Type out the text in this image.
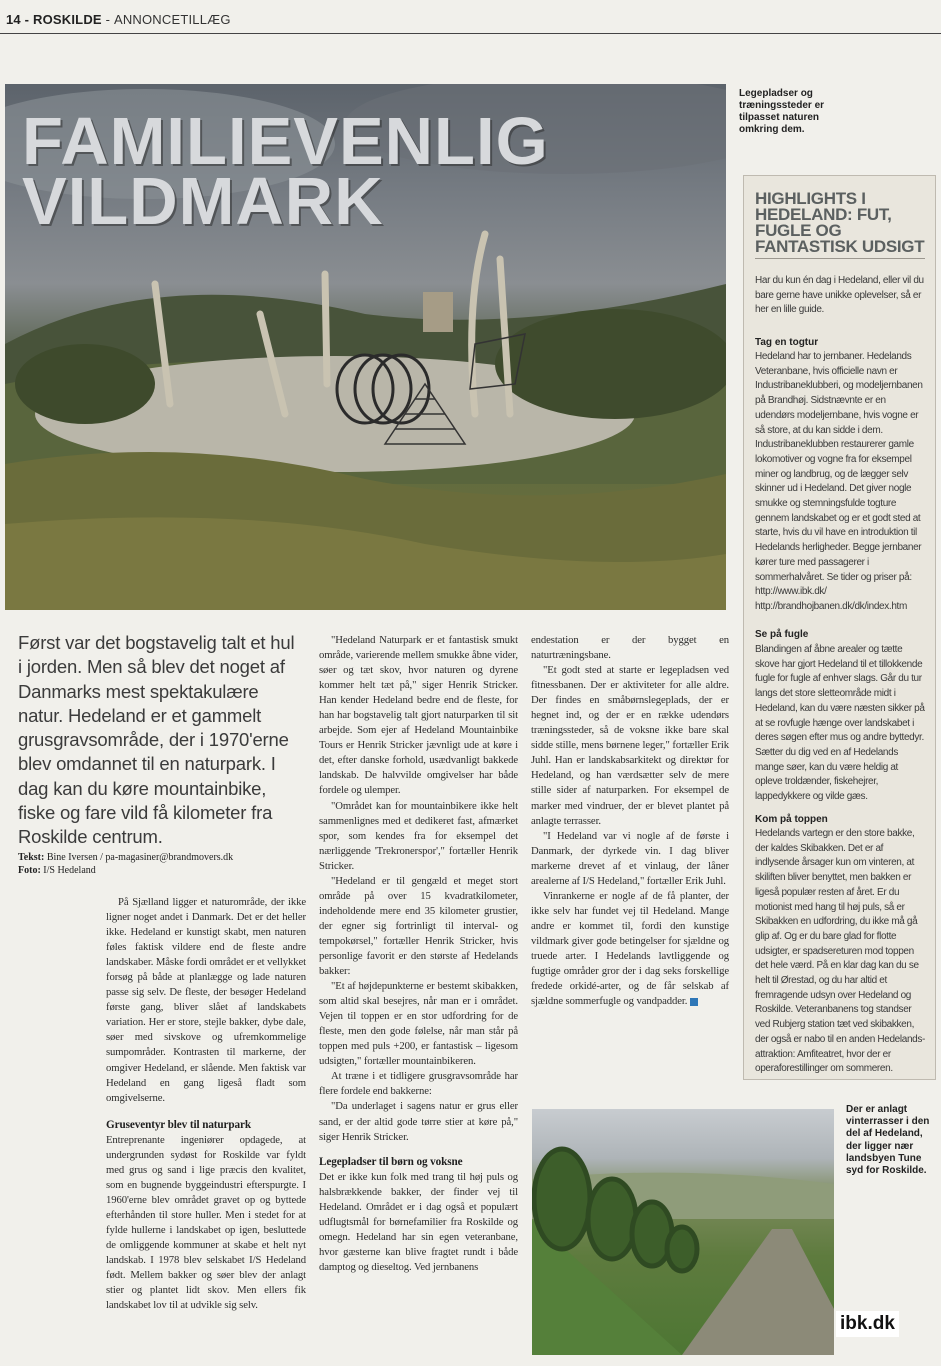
14 - ROSKILDE - ANNONCETILLÆG
FAMILIEVENLIG
VILDMARK
Legepladser og træningssteder er tilpasset naturen omkring dem.
HIGHLIGHTS I HEDELAND: FUT, FUGLE OG FANTASTISK UDSIGT
Har du kun én dag i Hedeland, eller vil du bare gerne have unikke oplevelser, så er her en lille guide.
Tag en togtur
Hedeland har to jernbaner. Hedelands Veteranbane, hvis officielle navn er Industribaneklubberi, og modeljernbanen på Brandhøj. Sidstnævnte er en udendørs modeljernbane, hvis vogne er så store, at du kan sidde i dem. Industribaneklubben restaurerer gamle lokomotiver og vogne fra for eksempel miner og landbrug, og de lægger selv skinner ud i Hedeland. Det giver nogle smukke og stemningsfulde togture gennem landskabet og er et godt sted at starte, hvis du vil have en introduktion til Hedelands herligheder. Begge jernbaner kører ture med passagerer i sommerhalvåret. Se tider og priser på: http://www.ibk.dk/ http://brandhojbanen.dk/dk/index.htm
Se på fugle
Blandingen af åbne arealer og tætte skove har gjort Hedeland til et tillokkende fugle for fugle af enhver slags. Går du tur langs det store sletteområde midt i Hedeland, kan du være næsten sikker på at se rovfugle hænge over landskabet i deres søgen efter mus og andre byttedyr. Sætter du dig ved en af Hedelands mange søer, kan du være heldig at opleve troldænder, fiskehejrer, lappedykkere og vilde gæs.
Kom på toppen
Hedelands vartegn er den store bakke, der kaldes Skibakken. Det er af indlysende årsager kun om vinteren, at skiliften bliver benyttet, men bakken er ligeså populær resten af året. Er du motionist med hang til høj puls, så er Skibakken en udfordring, du ikke må gå glip af. Og er du bare glad for flotte udsigter, er spadsereturen mod toppen det hele værd. På en klar dag kan du se helt til Ørestad, og du har altid et fremragende udsyn over Hedeland og Roskilde. Veteranbanens tog standser ved Rubjerg station tæt ved skibakken, der også er nabo til en anden Hedelands-attraktion: Amfiteatret, hvor der er operaforestillinger om sommeren.
Først var det bogstavelig talt et hul i jorden. Men så blev det noget af Danmarks mest spektakulære natur. Hedeland er et gammelt grusgravsområde, der i 1970'erne blev omdannet til en naturpark. I dag kan du køre mountainbike, fiske og fare vild få kilometer fra Roskilde centrum.
Tekst: Bine Iversen / pa-magasiner@brandmovers.dk
Foto: I/S Hedeland

På Sjælland ligger et naturområde, der ikke ligner noget andet i Danmark. Det er det heller ikke. Hedeland er kunstigt skabt, men naturen føles faktisk vildere end de fleste andre landskaber. Måske fordi området er et vellykket forsøg på både at planlægge og lade naturen passe sig selv. De fleste, der besøger Hedeland første gang, bliver slået af landskabets variation. Her er store, stejle bakker, dybe dale, søer med sivskove og ufremkommelige sumpområder. Kontrasten til markerne, der omgiver Hedeland, er slående. Men faktisk var Hedeland en gang ligeså fladt som omgivelserne.

Gruseventyr blev til naturpark

Entreprenante ingeniører opdagede, at undergrunden sydøst for Roskilde var fyldt med grus og sand i lige præcis den kvalitet, som en bugnende byggeindustri efterspurgte. I 1960'erne blev området gravet op og byttede efterhånden til store huller. Men i stedet for at fylde hullerne i landskabet op igen, besluttede de omliggende kommuner at skabe et helt nyt landskab. I 1978 blev selskabet I/S Hedeland født. Mellem bakker og søer blev der anlagt stier og plantet lidt skov. Men ellers fik landskabet lov til at udvikle sig selv.

"Hedeland Naturpark er et fantastisk smukt område, varierende mellem smukke åbne vider, søer og tæt skov, hvor naturen og dyrene kommer helt tæt på," siger Henrik Stricker. Han kender Hedeland bedre end de fleste, for han har bogstavelig talt gjort naturparken til sit arbejde. Som ejer af Hedeland Mountainbike Tours er Henrik Stricker jævnligt ude at køre i det, efter danske forhold, usædvanligt bakkede landskab. De halvvilde omgivelser har både fordele og ulemper.

"Området kan for mountainbikere ikke helt sammenlignes med et dedikeret fast, afmærket spor, som kendes fra for eksempel det nærliggende 'Trekronerspor'," fortæller Henrik Stricker.

"Hedeland er til gengæld et meget stort område på over 15 kvadratkilometer, indeholdende mere end 35 kilometer grustier, der egner sig fortrinligt til interval- og tempokørsel," fortæller Henrik Stricker, hvis personlige favorit er den største af Hedelands bakker:

"Et af højdepunkterne er bestemt skibakken, som altid skal besejres, når man er i området. Vejen til toppen er en stor udfordring for de fleste, men den gode følelse, når man står på toppen med puls +200, er fantastisk – ligesom udsigten," fortæller mountainbikeren.

At træne i et tidligere grusgravsområde har flere fordele end bakkerne:

"Da underlaget i sagens natur er grus eller sand, er der altid gode tørre stier at køre på," siger Henrik Stricker.

Legepladser til børn og voksne

Det er ikke kun folk med trang til høj puls og halsbrækkende bakker, der finder vej til Hedeland. Området er i dag også et populært udflugtsmål for børnefamilier fra Roskilde og omegn. Hedeland har sin egen veteranbane, hvor gæsterne kan blive fragtet rundt i både damptog og dieseltog. Ved jernbanens

endestation er der bygget en naturtræningsbane.

"Et godt sted at starte er legepladsen ved fitnessbanen. Der er aktiviteter for alle aldre. Der findes en småbørnslegeplads, der er hegnet ind, og der er en række udendørs træningssteder, så de voksne ikke bare skal sidde stille, mens børnene leger," fortæller Erik Juhl. Han er landskabsarkitekt og direktør for Hedeland, og han værdsætter selv de mere stille sider af naturparken. For eksempel de marker med vindruer, der er blevet plantet på anlagte terrasser.

"I Hedeland var vi nogle af de første i Danmark, der dyrkede vin. I dag bliver markerne drevet af et vinlaug, der låner arealerne af I/S Hedeland," fortæller Erik Juhl.

Vinrankerne er nogle af de få planter, der ikke selv har fundet vej til Hedeland. Mange andre er kommet til, fordi den kunstige vildmark giver gode betingelser for sjældne og truede arter. I Hedelands lavtliggende og fugtige områder gror der i dag seks forskellige fredede orkidé-arter, og de får selskab af sjældne sommerfugle og vandpadder.

Der er anlagt vinterrasser i den del af Hedeland, der ligger nær landsbyen Tune syd for Roskilde.
ibk.dk
